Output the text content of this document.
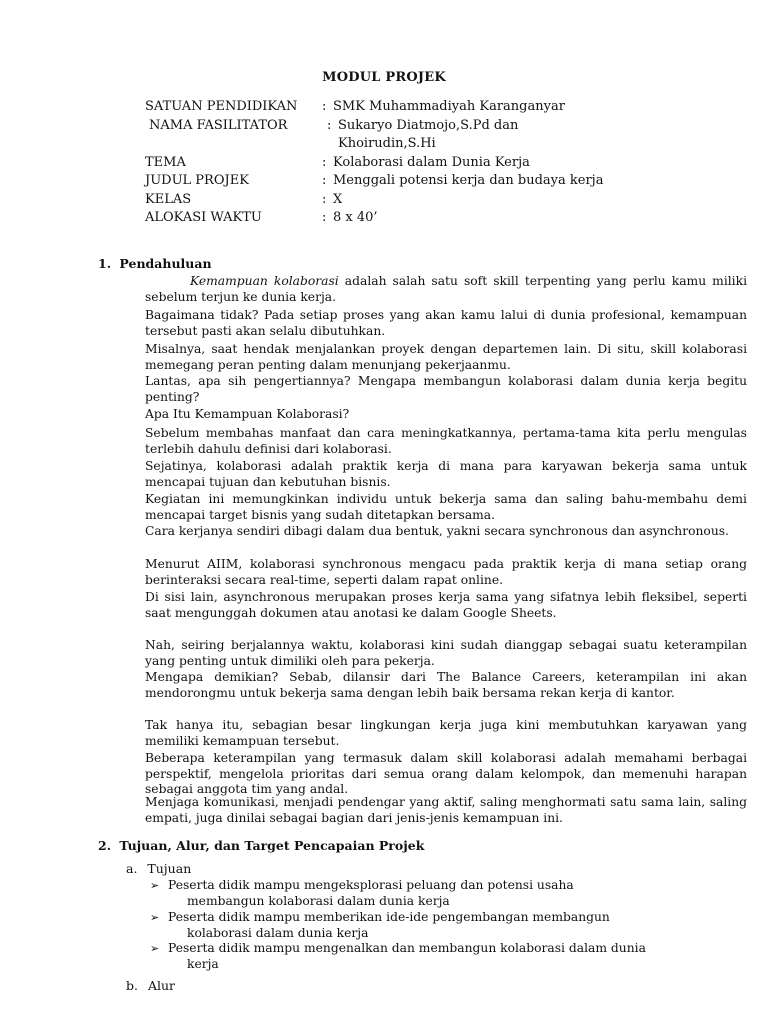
MODUL PROJEK
SATUAN PENDIDIKAN : SMK Muhammadiyah Karanganyar
NAMA FASILITATOR	: Sukaryo Diatmojo,S.Pd dan
Khoirudin,S.Hi
TEMA	: Kolaborasi dalam Dunia Kerja
JUDUL PROJEK	: Menggali potensi kerja dan budaya kerja
KELAS	: X
ALOKASI WAKTU	: 8 x 40’
1. Pendahuluan
Kemampuan kolaborasi adalah salah satu soft skill terpenting yang perlu kamu miliki sebelum terjun ke dunia kerja.
Bagaimana tidak? Pada setiap proses yang akan kamu lalui di dunia profesional, kemampuan tersebut pasti akan selalu dibutuhkan.
Misalnya, saat hendak menjalankan proyek dengan departemen lain. Di situ, skill kolaborasi memegang peran penting dalam menunjang pekerjaanmu.
Lantas, apa sih pengertiannya? Mengapa membangun kolaborasi dalam dunia kerja begitu penting?
Apa Itu Kemampuan Kolaborasi?
Sebelum membahas manfaat dan cara meningkatkannya, pertama-tama kita perlu mengulas terlebih dahulu definisi dari kolaborasi.
Sejatinya, kolaborasi adalah praktik kerja di mana para karyawan bekerja sama untuk mencapai tujuan dan kebutuhan bisnis.
Kegiatan ini memungkinkan individu untuk bekerja sama dan saling bahu-membahu demi mencapai target bisnis yang sudah ditetapkan bersama.
Cara kerjanya sendiri dibagi dalam dua bentuk, yakni secara synchronous dan asynchronous.
Menurut AIIM, kolaborasi synchronous mengacu pada praktik kerja di mana setiap orang berinteraksi secara real-time, seperti dalam rapat online.
Di sisi lain, asynchronous merupakan proses kerja sama yang sifatnya lebih fleksibel, seperti saat mengunggah dokumen atau anotasi ke dalam Google Sheets.
Nah, seiring berjalannya waktu, kolaborasi kini sudah dianggap sebagai suatu keterampilan yang penting untuk dimiliki oleh para pekerja.
Mengapa demikian? Sebab, dilansir dari The Balance Careers, keterampilan ini akan mendorongmu untuk bekerja sama dengan lebih baik bersama rekan kerja di kantor.
Tak hanya itu, sebagian besar lingkungan kerja juga kini membutuhkan karyawan yang memiliki kemampuan tersebut.
Beberapa keterampilan yang termasuk dalam skill kolaborasi adalah memahami berbagai perspektif, mengelola prioritas dari semua orang dalam kelompok, dan memenuhi harapan sebagai anggota tim yang andal.
Menjaga komunikasi, menjadi pendengar yang aktif, saling menghormati satu sama lain, saling empati, juga dinilai sebagai bagian dari jenis-jenis kemampuan ini.
2. Tujuan, Alur, dan Target Pencapaian Projek
a. Tujuan
➢ Peserta didik mampu mengeksplorasi peluang dan potensi usaha
membangun kolaborasi dalam dunia kerja
➢ Peserta didik mampu memberikan ide-ide pengembangan membangun
kolaborasi dalam dunia kerja
➢ Peserta didik mampu mengenalkan dan membangun kolaborasi dalam dunia
kerja
b. Alur
